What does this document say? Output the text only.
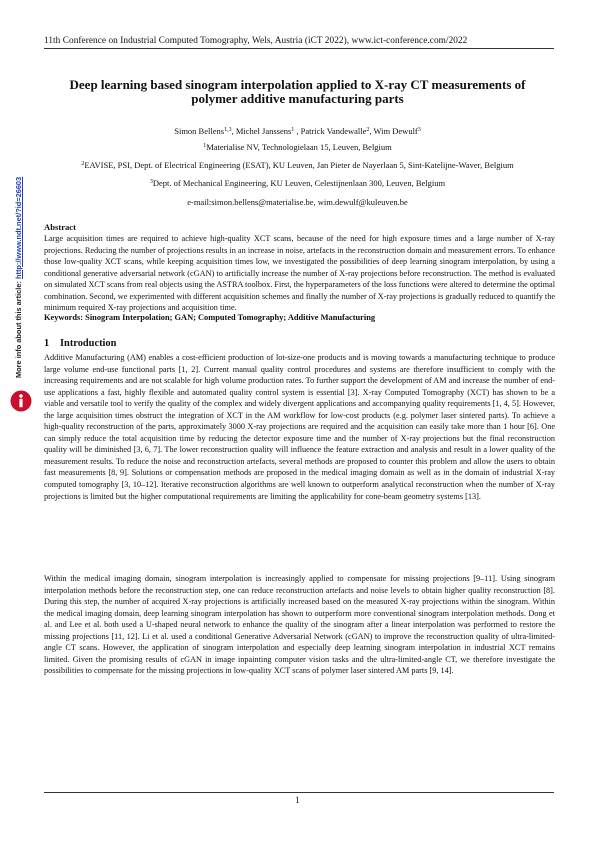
11th Conference on Industrial Computed Tomography, Wels, Austria (iCT 2022), www.ict-conference.com/2022
More info about this article: http://www.ndt.net/?id=26603
Deep learning based sinogram interpolation applied to X-ray CT measurements of
polymer additive manufacturing parts
Simon Bellens$^{1,3}$, Michel Janssens$^1$ , Patrick Vandewalle$^2$, Wim Dewulf$^3$
$^1$Materialise NV, Technologielaan 15, Leuven, Belgium
$^2$EAVISE, PSI, Dept. of Electrical Engineering (ESAT), KU Leuven, Jan Pieter de Nayerlaan 5, Sint-Katelijne-Waver, Belgium
$^3$Dept. of Mechanical Engineering, KU Leuven, Celestijnenlaan 300, Leuven, Belgium
e-mail:simon.bellens@materialise.be, wim.dewulf@kuleuven.be
Abstract

Large acquisition times are required to achieve high-quality XCT scans, because of the need for high exposure times and a large number of X-ray projections. Reducing the number of projections results in an increase in noise, artefacts in the reconstruction domain and measurement errors. To enhance those low-quality XCT scans, while keeping acquisition times low, we investigated the possibilities of deep learning sinogram interpolation, by using a conditional generative adversarial network (cGAN) to artificially increase the number of X-ray projections before reconstruction. The method is evaluated on simulated XCT scans from real objects using the ASTRA toolbox. First, the hyperparameters of the loss functions were altered to determine the optimal combination. Second, we experimented with different acquisition schemes and finally the number of X-ray projections is gradually reduced to quantify the minimum required X-ray projections and acquisition time.

Keywords: Sinogram Interpolation; GAN; Computed Tomography; Additive Manufacturing
1 Introduction

Additive Manufacturing (AM) enables a cost-efficient production of lot-size-one products and is moving towards a manufacturing technique to produce large volume end-use functional parts [1, 2]. Current manual quality control procedures and systems are therefore insufficient to comply with the increasing requirements and are not scalable for high volume production rates. To further support the development of AM and increase the number of end-use applications a fast, highly flexible and automated quality control system is essential [3]. X-ray Computed Tomography (XCT) has shown to be a viable and versatile tool to verify the quality of the complex and widely divergent applications and accompanying quality requirements [1, 4, 5]. However, the large acquisition times obstruct the integration of XCT in the AM workflow for low-cost products (e.g. polymer laser sintered parts). To achieve a high-quality reconstruction of the parts, approximately 3000 X-ray projections are required and the acquisition can easily take more than 1 hour [6]. One can simply reduce the total acquisition time by reducing the detector exposure time and the number of X-ray projections but the final reconstruction quality will be diminished [3, 6, 7]. The lower reconstruction quality will influence the feature extraction and analysis and result in a lower quality of the measurement results. To reduce the noise and reconstruction artefacts, several methods are proposed to counter this problem and allow the users to obtain fast measurements [8, 9]. Solutions or compensation methods are proposed in the medical imaging domain as well as in the domain of industrial X-ray computed tomography [3, 10–12]. Iterative reconstruction algorithms are well known to outperform analytical reconstruction when the number of X-ray projections is limited but the higher computational requirements are limiting the applicability for cone-beam geometry systems [13].

Within the medical imaging domain, sinogram interpolation is increasingly applied to compensate for missing projections [9–11]. Using sinogram interpolation methods before the reconstruction step, one can reduce reconstruction artefacts and noise levels to obtain higher quality reconstruction [8]. During this step, the number of acquired X-ray projections is artificially increased based on the measured X-ray projections within the sinogram. Within the medical imaging domain, deep learning sinogram interpolation has shown to outperform more conventional sinogram interpolation methods. Dong et al. and Lee et al. both used a U-shaped neural network to enhance the quality of the sinogram after a linear interpolation was performed to restore the missing projections [11, 12]. Li et al. used a conditional Generative Adversarial Network (cGAN) to improve the reconstruction quality of ultra-limited-angle CT scans. However, the application of sinogram interpolation and especially deep learning sinogram interpolation in industrial XCT remains limited. Given the promising results of cGAN in image inpainting computer vision tasks and the ultra-limited-angle CT, we therefore investigate the possibilities to compensate for the missing projections in low-quality XCT scans of polymer laser sintered AM parts [9, 14].

1
